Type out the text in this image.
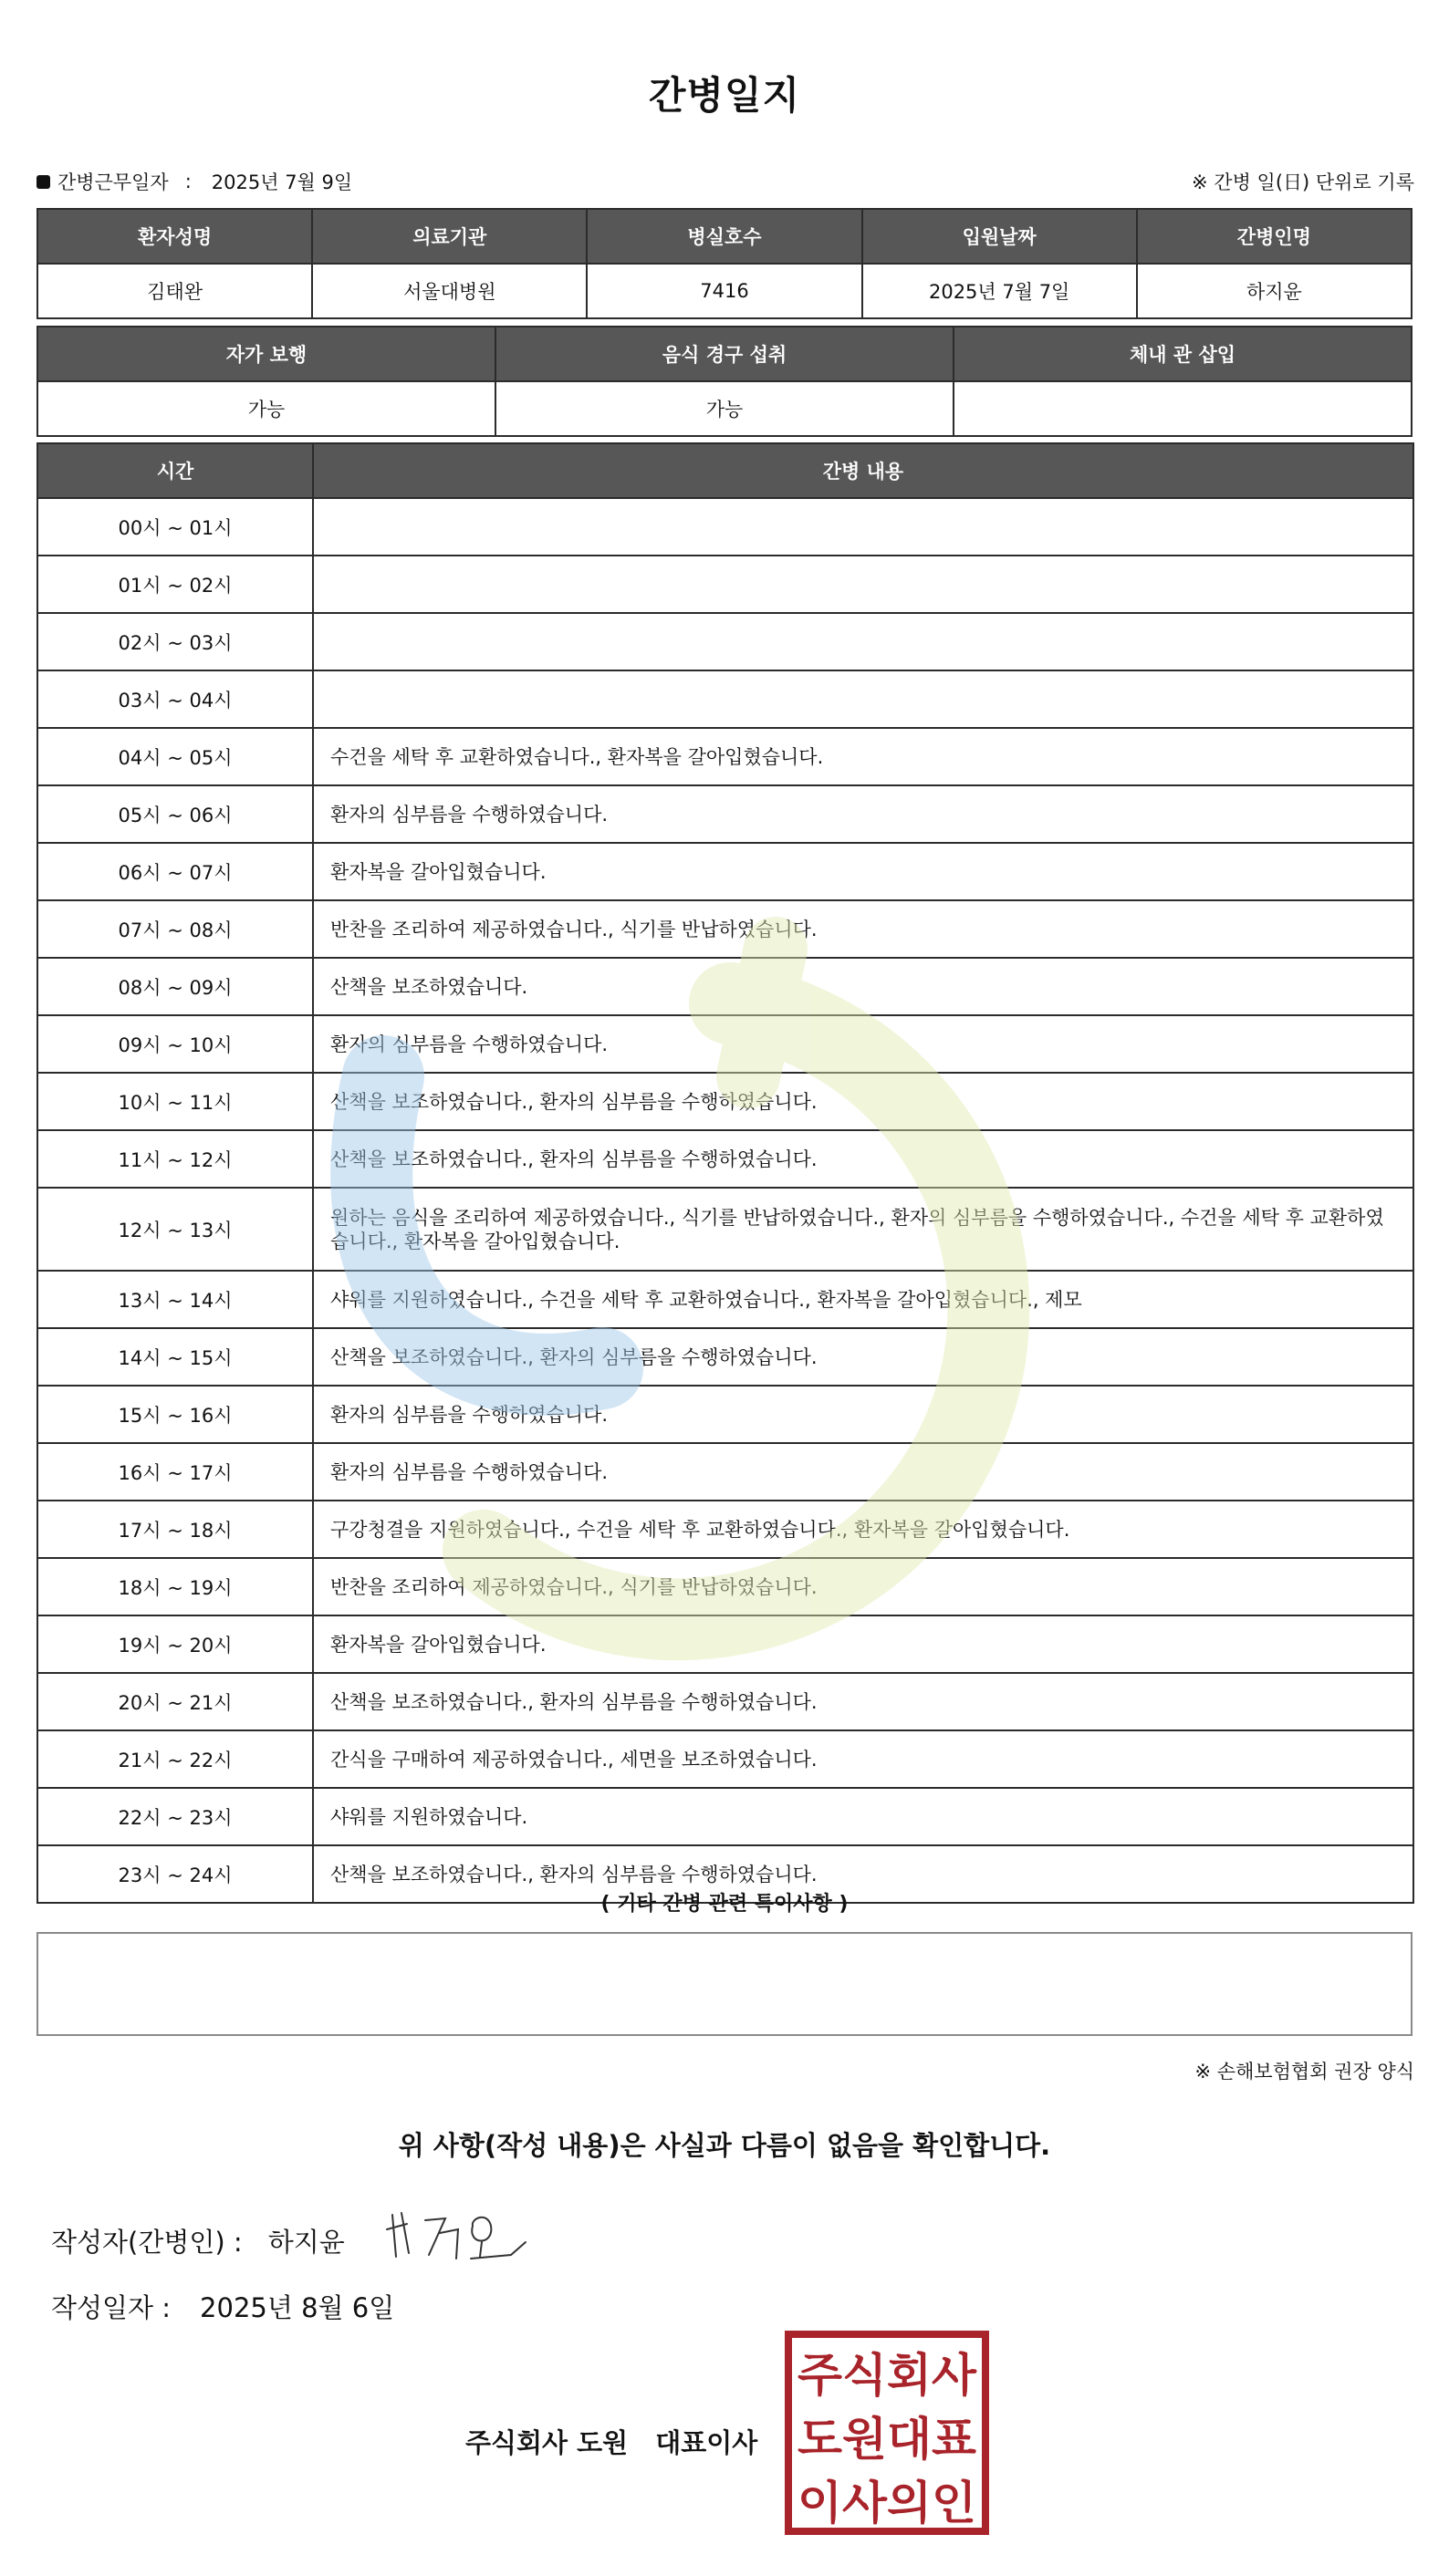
간병일지
간병근무일자 : 2025년 7월 9일	※ 간병 일(日) 단위로 기록
환자성명	의료기관	병실호수	입원날짜	간병인명
김태완	서울대병원	7416	2025년 7월 7일	하지윤
자가 보행	음식 경구 섭취	체내 관 삽입
가능	가능	
시간	간병 내용
00시 ~ 01시	
01시 ~ 02시	
02시 ~ 03시	
03시 ~ 04시	
04시 ~ 05시	수건을 세탁 후 교환하였습니다., 환자복을 갈아입혔습니다.
05시 ~ 06시	환자의 심부름을 수행하였습니다.
06시 ~ 07시	환자복을 갈아입혔습니다.
07시 ~ 08시	반찬을 조리하여 제공하였습니다., 식기를 반납하였습니다.
08시 ~ 09시	산책을 보조하였습니다.
09시 ~ 10시	환자의 심부름을 수행하였습니다.
10시 ~ 11시	산책을 보조하였습니다., 환자의 심부름을 수행하였습니다.
11시 ~ 12시	산책을 보조하였습니다., 환자의 심부름을 수행하였습니다.
12시 ~ 13시	원하는 음식을 조리하여 제공하였습니다., 식기를 반납하였습니다., 환자의 심부름을 수행하였습니다., 수건을 세탁 후 교환하였습니다., 환자복을 갈아입혔습니다.
13시 ~ 14시	샤워를 지원하였습니다., 수건을 세탁 후 교환하였습니다., 환자복을 갈아입혔습니다., 제모
14시 ~ 15시	산책을 보조하였습니다., 환자의 심부름을 수행하였습니다.
15시 ~ 16시	환자의 심부름을 수행하였습니다.
16시 ~ 17시	환자의 심부름을 수행하였습니다.
17시 ~ 18시	구강청결을 지원하였습니다., 수건을 세탁 후 교환하였습니다., 환자복을 갈아입혔습니다.
18시 ~ 19시	반찬을 조리하여 제공하였습니다., 식기를 반납하였습니다.
19시 ~ 20시	환자복을 갈아입혔습니다.
20시 ~ 21시	산책을 보조하였습니다., 환자의 심부름을 수행하였습니다.
21시 ~ 22시	간식을 구매하여 제공하였습니다., 세면을 보조하였습니다.
22시 ~ 23시	샤워를 지원하였습니다.
23시 ~ 24시	산책을 보조하였습니다., 환자의 심부름을 수행하였습니다.
( 기타 간병 관련 특이사항 )
※ 손해보험협회 권장 양식
위 사항(작성 내용)은 사실과 다름이 없음을 확인합니다.
작성자(간병인) : 하지윤
작성일자 : 2025년 8월 6일
주식회사 도원 대표이사
주식회사
도원대표
이사의인
